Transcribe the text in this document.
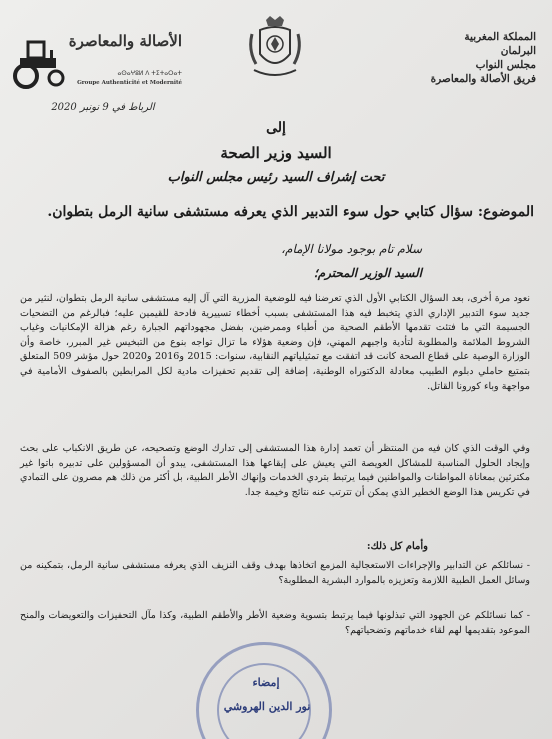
المملكة المغربية
البرلمان
مجلس النواب
فريق الأصالة والمعاصرة
الأصالة والمعاصرة
ⴰⵙⴰⵖⵓⵍ ⴷ ⵜⵉⵜⴰⵔⴰⵜ
Groupe Authenticité et Modernité
الرباط في 9 نونبر 2020
إلى
السيد وزير الصحة
تحت إشراف السيد رئيس مجلس النواب
الموضوع: سؤال كتابي حول سوء التدبير الذي يعرفه مستشفى سانية الرمل بتطوان.
سلام تام بوجود مولانا الإمام،
السيد الوزير المحترم؛
نعود مرة أخرى، بعد السؤال الكتابي الأول الذي تعرضنا فيه للوضعية المزرية التي آل إليه مستشفى سانية الرمل بتطوان، لنثير من جديد سوء التدبير الإداري الذي يتخبط فيه هذا المستشفى بسبب أخطاء تسييرية فادحة للقيمين عليه؛ فبالرغم من التضحيات الجسيمة التي ما فتئت تقدمها الأطقم الصحية من أطباء وممرضين، بفضل مجهوداتهم الجبارة رغم هزالة الإمكانيات وغياب الشروط الملائمة والمطلوبة لتأدية واجبهم المهني، فإن وضعية هؤلاء ما تزال تواجه بنوع من التبخيس غير المبرر، خاصة وأن الوزارة الوصية على قطاع الصحة كانت قد اتفقت مع تمثيلياتهم النقابية، سنوات: 2015 و2016 و2020 حول مؤشر 509 المتعلق بتمتيع حاملي دبلوم الطبيب معادلة الدكتوراه الوطنية، إضافة إلى تقديم تحفيزات مادية لكل المرابطين بالصفوف الأمامية في مواجهة وباء كورونا القاتل.
وفي الوقت الذي كان فيه من المنتظر أن تعمد إدارة هذا المستشفى إلى تدارك الوضع وتصحيحه، عن طريق الانكباب على بحث وإيجاد الحلول المناسبة للمشاكل العويصة التي يعيش على إيقاعها هذا المستشفى، يبدو أن المسؤولين على تدبيره باتوا غير مكترثين بمعاناة المواطنات والمواطنين فيما يرتبط بتردي الخدمات وإنهاك الأطر الطبية، بل أكثر من ذلك هم مصرون على التمادي في تكريس هذا الوضع الخطير الذي يمكن أن تترتب عنه نتائج وخيمة جدا.
وأمام كل ذلك:
- نسائلكم عن التدابير والإجراءات الاستعجالية المزمع اتخاذها بهدف وقف النزيف الذي يعرفه مستشفى سانية الرمل، بتمكينه من وسائل العمل الطبية اللازمة وتعزيزه بالموارد البشرية المطلوبة؟
- كما نسائلكم عن الجهود التي تبذلونها فيما يرتبط بتسوية وضعية الأطر والأطقم الطبية، وكذا مآل التحفيزات والتعويضات والمنح الموعود بتقديمها لهم لقاء خدماتهم وتضحياتهم؟
إمضاء
نور الدين الهروشي
